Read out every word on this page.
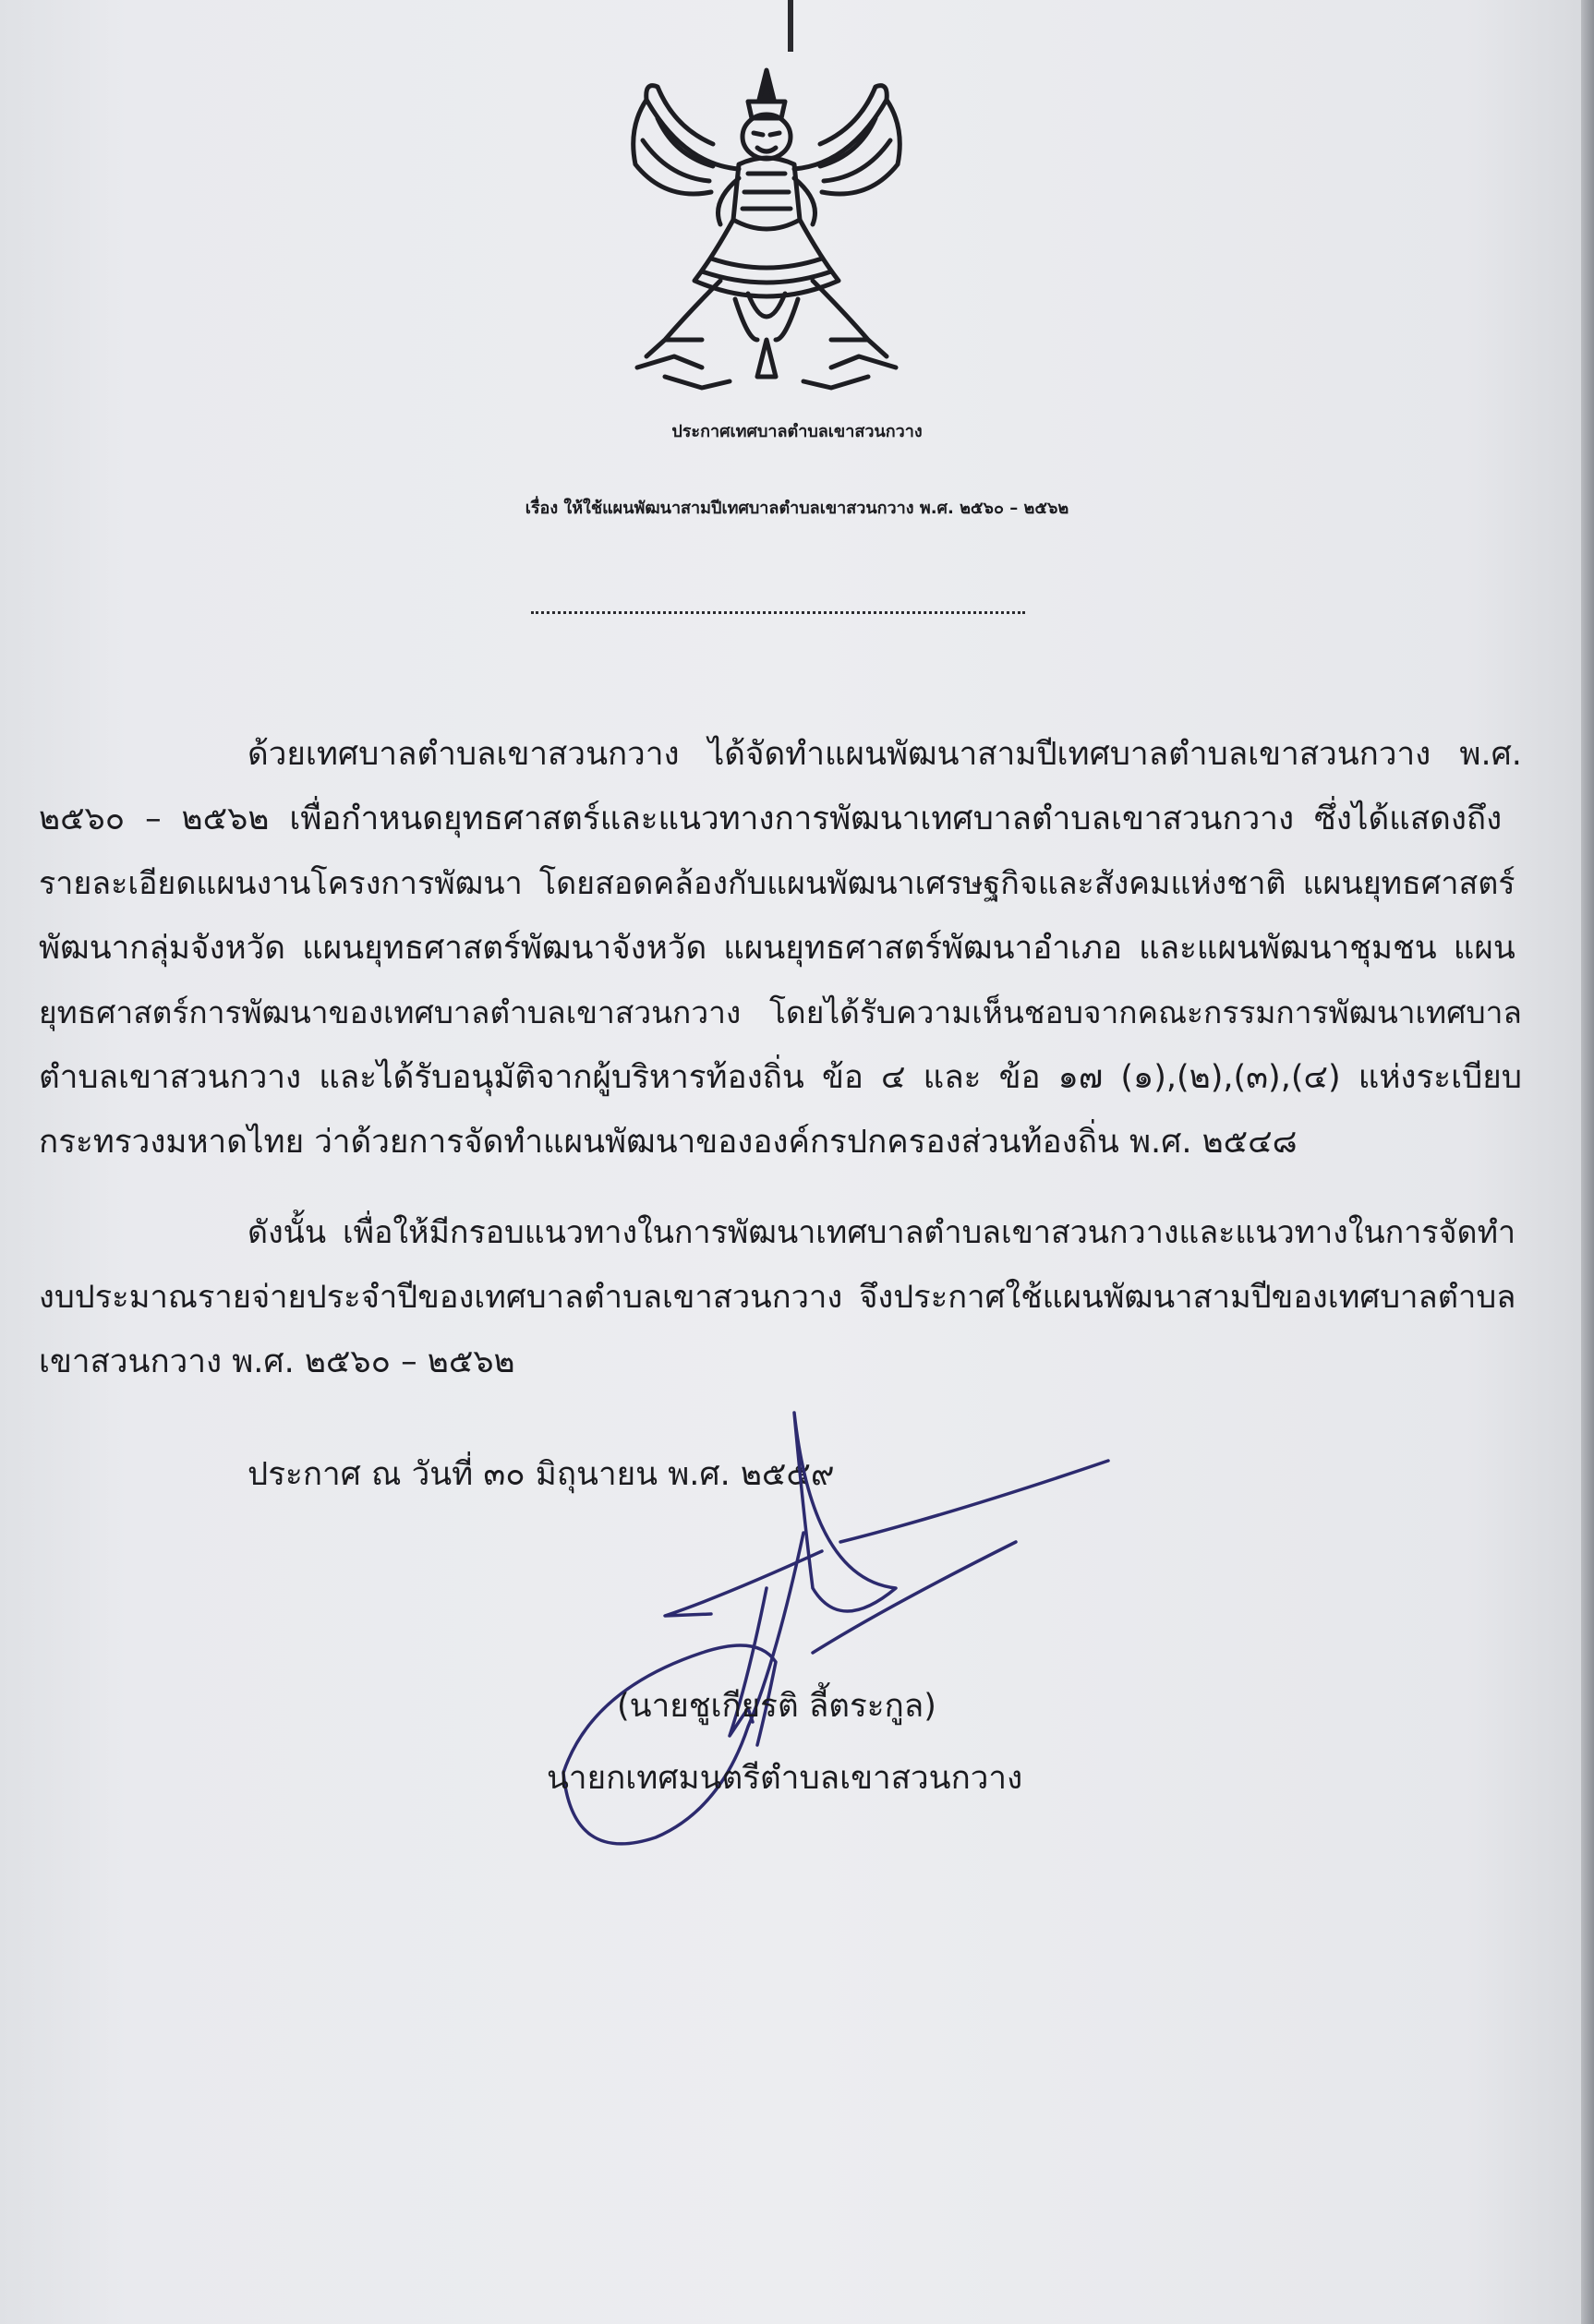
ประกาศเทศบาลตำบลเขาสวนกวาง
เรื่อง ให้ใช้แผนพัฒนาสามปีเทศบาลตำบลเขาสวนกวาง พ.ศ. ๒๕๖๐ – ๒๕๖๒
ด้วยเทศบาลตำบลเขาสวนกวาง ได้จัดทำแผนพัฒนาสามปีเทศบาลตำบลเขาสวนกวาง พ.ศ.
๒๕๖๐ – ๒๕๖๒ เพื่อกำหนดยุทธศาสตร์และแนวทางการพัฒนาเทศบาลตำบลเขาสวนกวาง ซึ่งได้แสดงถึง
รายละเอียดแผนงานโครงการพัฒนา โดยสอดคล้องกับแผนพัฒนาเศรษฐกิจและสังคมแห่งชาติ แผนยุทธศาสตร์
พัฒนากลุ่มจังหวัด แผนยุทธศาสตร์พัฒนาจังหวัด แผนยุทธศาสตร์พัฒนาอำเภอ และแผนพัฒนาชุมชน แผน
ยุทธศาสตร์การพัฒนาของเทศบาลตำบลเขาสวนกวาง โดยได้รับความเห็นชอบจากคณะกรรมการพัฒนาเทศบาล
ตำบลเขาสวนกวาง และได้รับอนุมัติจากผู้บริหารท้องถิ่น ข้อ ๔ และ ข้อ ๑๗ (๑),(๒),(๓),(๔) แห่งระเบียบ
กระทรวงมหาดไทย ว่าด้วยการจัดทำแผนพัฒนาขององค์กรปกครองส่วนท้องถิ่น พ.ศ. ๒๕๔๘
ดังนั้น เพื่อให้มีกรอบแนวทางในการพัฒนาเทศบาลตำบลเขาสวนกวางและแนวทางในการจัดทำ
งบประมาณรายจ่ายประจำปีของเทศบาลตำบลเขาสวนกวาง จึงประกาศใช้แผนพัฒนาสามปีของเทศบาลตำบล
เขาสวนกวาง พ.ศ. ๒๕๖๐ – ๒๕๖๒
ประกาศ ณ วันที่ ๓๐ มิถุนายน พ.ศ. ๒๕๕๙
(นายชูเกียรติ ลี้ตระกูล)
นายกเทศมนตรีตำบลเขาสวนกวาง
